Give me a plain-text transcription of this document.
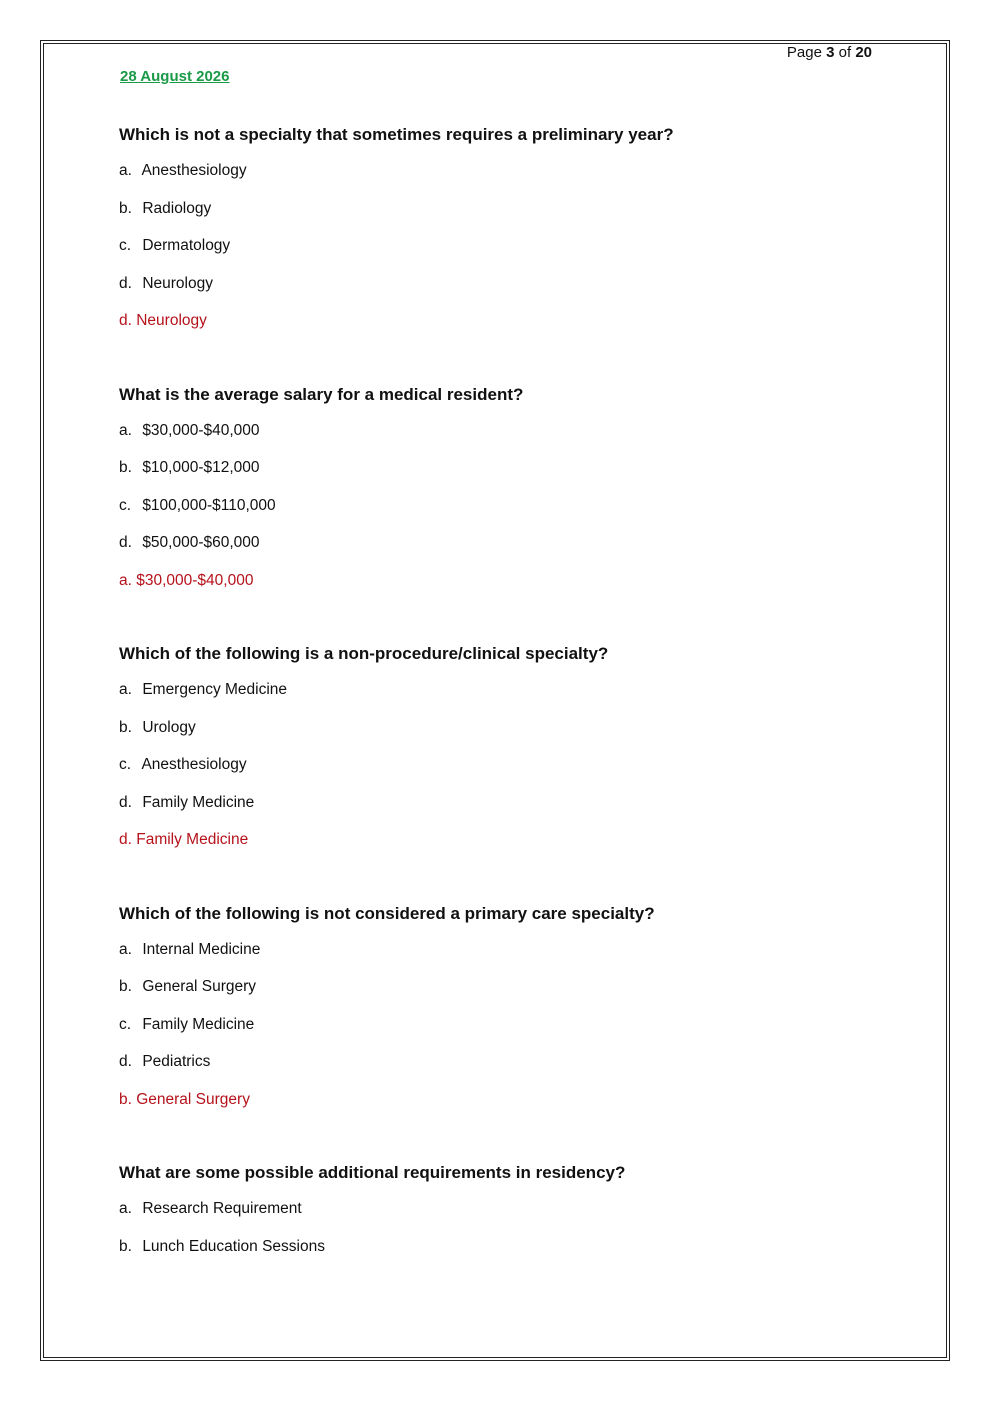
Page 3 of 20
28 August 2026

Which is not a specialty that sometimes requires a preliminary year?

a. Anesthesiology
b. Radiology
c. Dermatology
d. Neurology
d. Neurology

What is the average salary for a medical resident?

a. $30,000-$40,000
b. $10,000-$12,000
c. $100,000-$110,000
d. $50,000-$60,000
a. $30,000-$40,000

Which of the following is a non-procedure/clinical specialty?

a. Emergency Medicine
b. Urology
c. Anesthesiology
d. Family Medicine
d. Family Medicine

Which of the following is not considered a primary care specialty?

a. Internal Medicine
b. General Surgery
c. Family Medicine
d. Pediatrics
b. General Surgery

What are some possible additional requirements in residency?

a. Research Requirement
b. Lunch Education Sessions
